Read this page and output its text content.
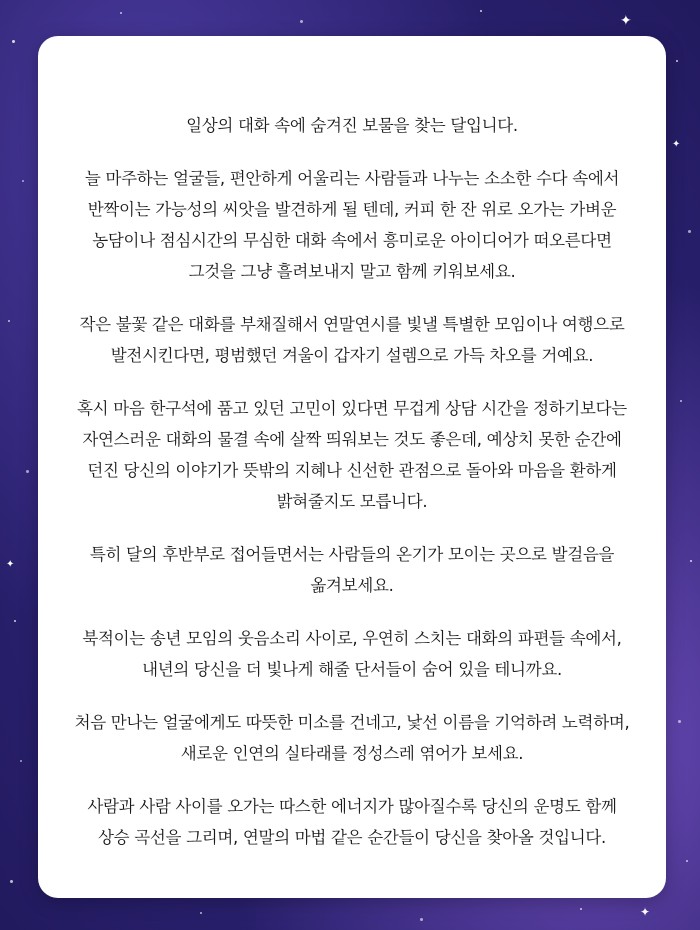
✦
✦
✦
✦

일상의 대화 속에 숨겨진 보물을 찾는 달입니다.

늘 마주하는 얼굴들, 편안하게 어울리는 사람들과 나누는 소소한 수다 속에서
반짝이는 가능성의 씨앗을 발견하게 될 텐데, 커피 한 잔 위로 오가는 가벼운
농담이나 점심시간의 무심한 대화 속에서 흥미로운 아이디어가 떠오른다면
그것을 그냥 흘려보내지 말고 함께 키워보세요.

작은 불꽃 같은 대화를 부채질해서 연말연시를 빛낼 특별한 모임이나 여행으로
발전시킨다면, 평범했던 겨울이 갑자기 설렘으로 가득 차오를 거예요.

혹시 마음 한구석에 품고 있던 고민이 있다면 무겁게 상담 시간을 정하기보다는
자연스러운 대화의 물결 속에 살짝 띄워보는 것도 좋은데, 예상치 못한 순간에
던진 당신의 이야기가 뜻밖의 지혜나 신선한 관점으로 돌아와 마음을 환하게
밝혀줄지도 모릅니다.

특히 달의 후반부로 접어들면서는 사람들의 온기가 모이는 곳으로 발걸음을
옮겨보세요.

북적이는 송년 모임의 웃음소리 사이로, 우연히 스치는 대화의 파편들 속에서,
내년의 당신을 더 빛나게 해줄 단서들이 숨어 있을 테니까요.

처음 만나는 얼굴에게도 따뜻한 미소를 건네고, 낯선 이름을 기억하려 노력하며,
새로운 인연의 실타래를 정성스레 엮어가 보세요.

사람과 사람 사이를 오가는 따스한 에너지가 많아질수록 당신의 운명도 함께
상승 곡선을 그리며, 연말의 마법 같은 순간들이 당신을 찾아올 것입니다.
